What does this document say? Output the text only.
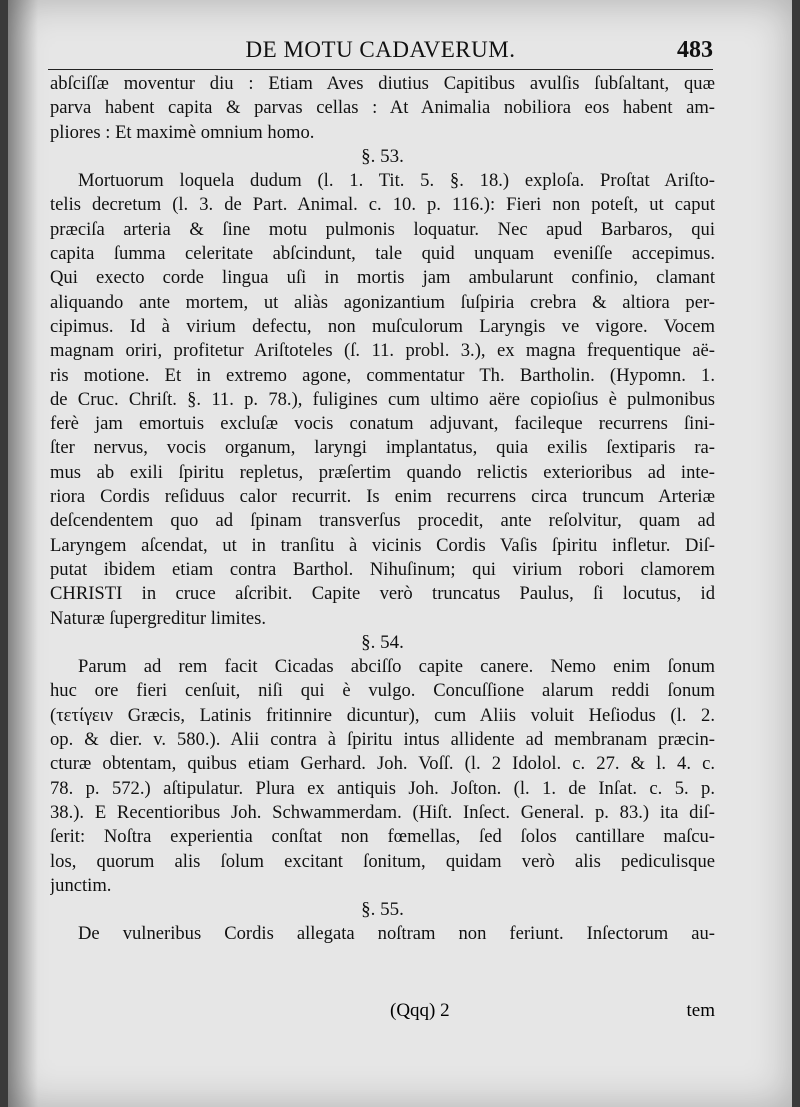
DE MOTU CADAVERUM.	483
abſciſſæ moventur diu : Etiam Aves diutius Capitibus avulſis ſubſaltant, quæ
parva habent capita & parvas cellas : At Animalia nobiliora eos habent am-
pliores : Et maximè omnium homo.
§. 53.
Mortuorum loquela dudum (l. 1. Tit. 5. §. 18.) exploſa. Proſtat Ariſto-
telis decretum (l. 3. de Part. Animal. c. 10. p. 116.): Fieri non poteſt, ut caput
præciſa arteria & ſine motu pulmonis loquatur. Nec apud Barbaros, qui
capita ſumma celeritate abſcindunt, tale quid unquam eveniſſe accepimus.
Qui exeсto corde lingua uſi in mortis jam ambularunt confinio, clamant
aliquando ante mortem, ut aliàs agonizantium ſuſpiria crebra & altiora per-
cipimus. Id à virium defectu, non muſculorum Laryngis ve vigore. Vocem
magnam oriri, profitetur Ariſtoteles (ſ. 11. probl. 3.), ex magna frequentique aë-
ris motione. Et in extremo agone, commentatur Th. Bartholin. (Hypomn. 1.
de Cruc. Chriſt. §. 11. p. 78.), fuligines cum ultimo aëre copioſius è pulmonibus
ferè jam emortuis excluſæ vocis conatum adjuvant, facileque recurrens ſini-
ſter nervus, vocis organum, laryngi implantatus, quia exilis ſextiparis ra-
mus ab exili ſpiritu repletus, præſertim quando relictis exterioribus ad inte-
riora Cordis reſiduus calor recurrit. Is enim recurrens circa truncum Arteriæ
deſcendentem quo ad ſpinam transverſus procedit, ante reſolvitur, quam ad
Laryngem aſcendat, ut in tranſitu à vicinis Cordis Vaſis ſpiritu infletur. Diſ-
putat ibidem etiam contra Barthol. Nihuſinum; qui virium robori clamorem
CHRISTI in cruce aſcribit. Capite verò truncatus Paulus, ſi locutus, id
Naturæ ſupergreditur limites.
§. 54.
Parum ad rem facit Cicadas abciſſo capite canere. Nemo enim ſonum
huc ore fieri cenſuit, niſi qui è vulgo. Concuſſione alarum reddi ſonum
(τετίγειν Græcis, Latinis fritinnire dicuntur), cum Aliis voluit Heſiodus (l. 2.
op. & dier. v. 580.). Alii contra à ſpiritu intus allidente ad membranam præcin-
cturæ obtentam, quibus etiam Gerhard. Joh. Voſſ. (l. 2 Idolol. c. 27. & l. 4. c.
78. p. 572.) aſtipulatur. Plura ex antiquis Joh. Joſton. (l. 1. de Inſat. c. 5. p.
38.). E Recentioribus Joh. Schwammerdam. (Hiſt. Inſect. General. p. 83.) ita diſ-
ſerit: Noſtra experientia conſtat non fœmellas, ſed ſolos cantillare maſcu-
los, quorum alis ſolum excitant ſonitum, quidam verò alis pediculisque
junctim.
§. 55.
De vulneribus Cordis allegata noſtram non feriunt. Inſectorum au-
(Qqq) 2	tem
